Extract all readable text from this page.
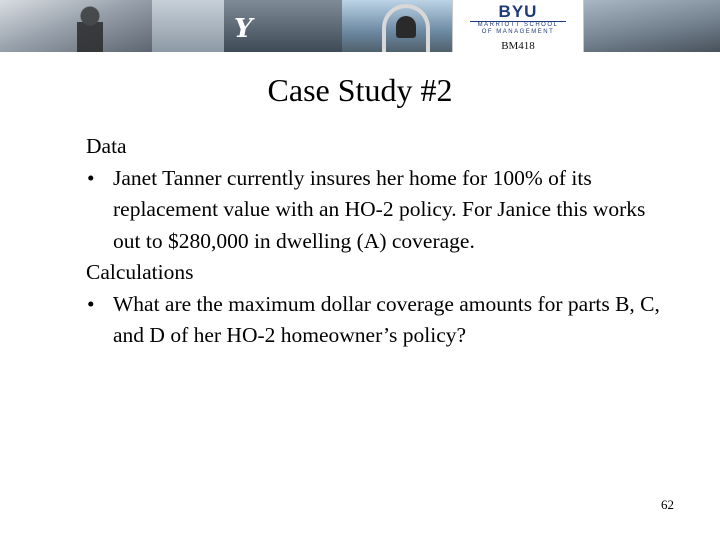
Y
BYU
MARRIOTT SCHOOL
OF MANAGEMENT
BM418
Case Study #2

Data

• Janet Tanner currently insures her home for 100% of its replacement value with an HO-2 policy. For Janice this works out to $280,000 in dwelling (A) coverage.

Calculations

• What are the maximum dollar coverage amounts for parts B, C, and D of her HO-2 homeowner’s policy?

62
